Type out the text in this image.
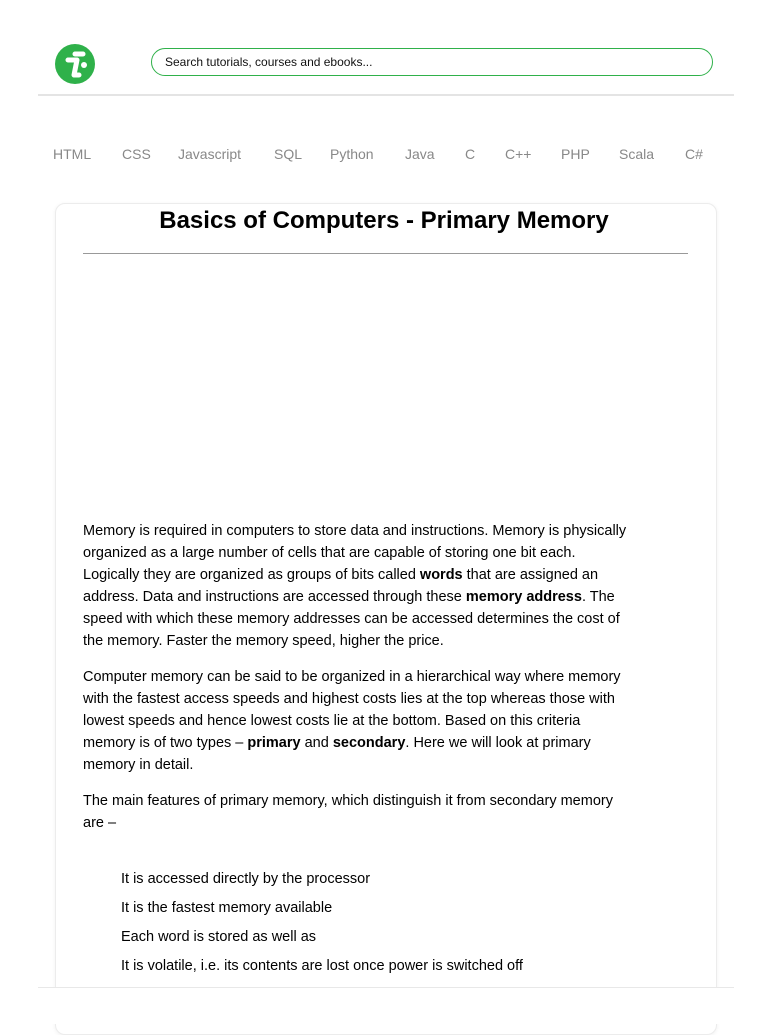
Search tutorials, courses and ebooks...
HTML CSS Javascript SQL Python Java C C++ PHP Scala C#
Basics of Computers - Primary Memory

Memory is required in computers to store data and instructions. Memory is physically organized as a large number of cells that are capable of storing one bit each. Logically they are organized as groups of bits called words that are assigned an address. Data and instructions are accessed through these memory address. The speed with which these memory addresses can be accessed determines the cost of the memory. Faster the memory speed, higher the price.

Computer memory can be said to be organized in a hierarchical way where memory with the fastest access speeds and highest costs lies at the top whereas those with lowest speeds and hence lowest costs lie at the bottom. Based on this criteria memory is of two types – primary and secondary. Here we will look at primary memory in detail.

The main features of primary memory, which distinguish it from secondary memory are –

It is accessed directly by the processor
It is the fastest memory available
Each word is stored as well as
It is volatile, i.e. its contents are lost once power is switched off
